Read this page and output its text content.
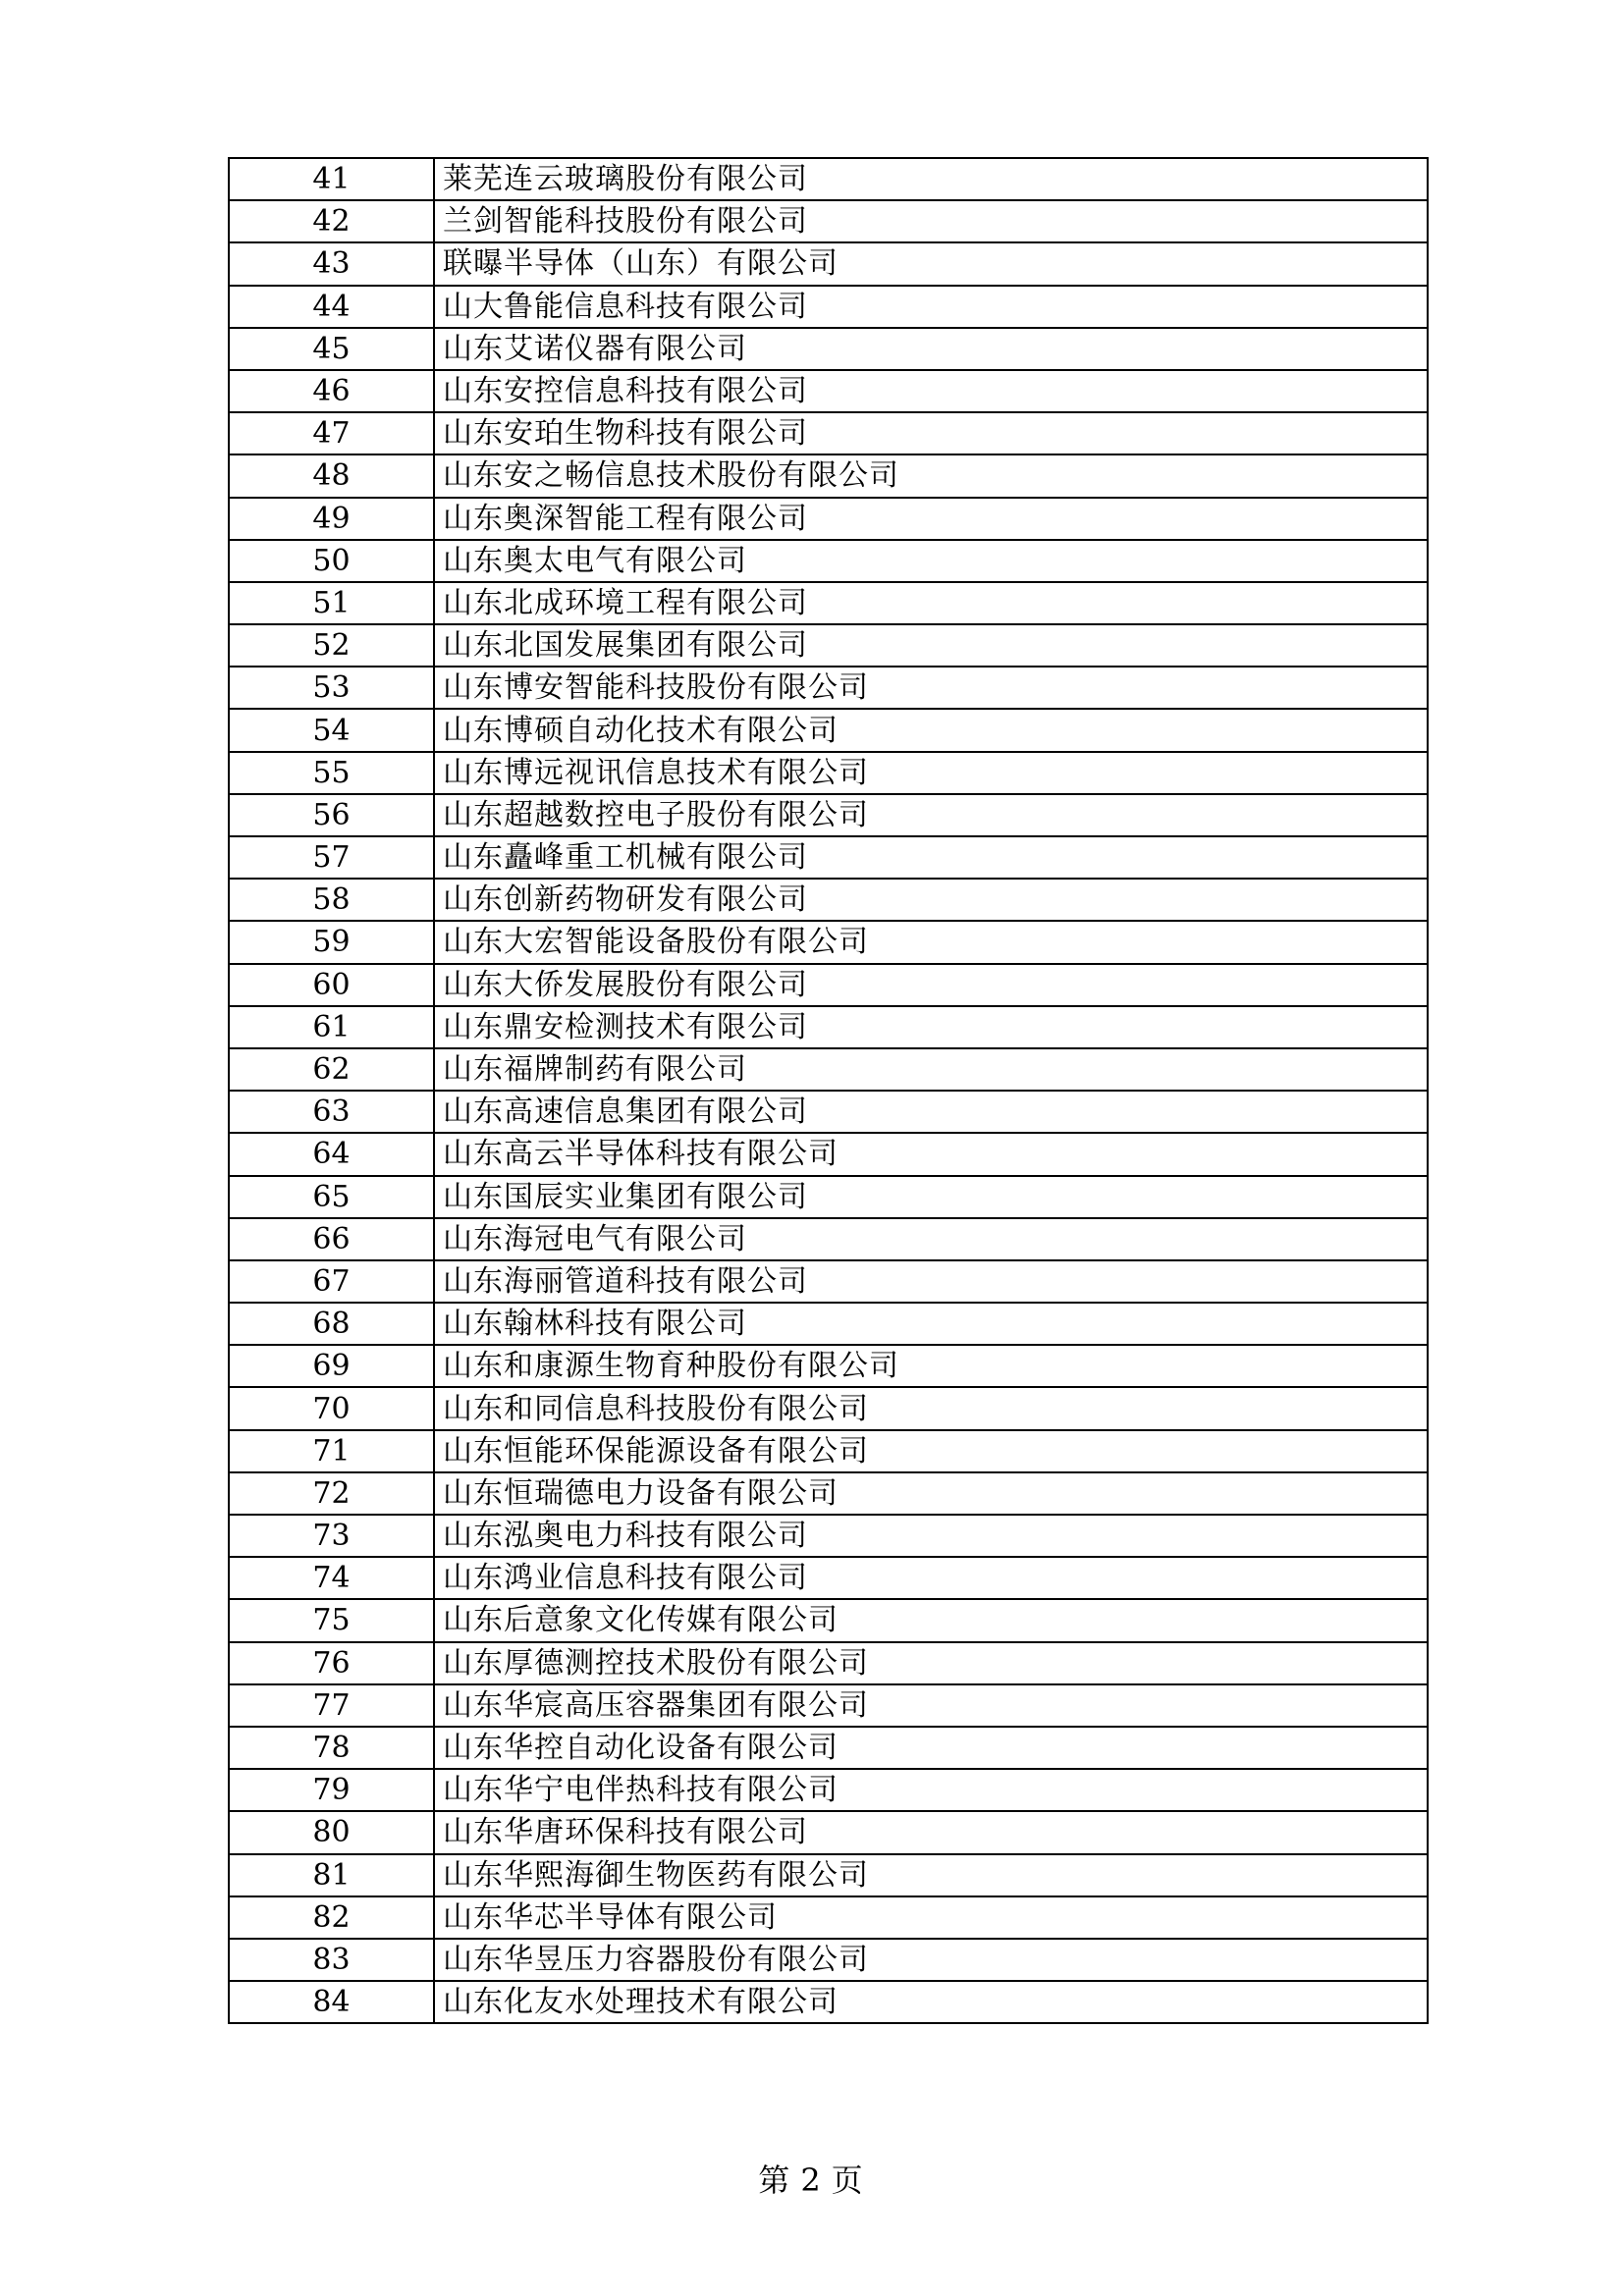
41	莱芜连云玻璃股份有限公司
42	兰剑智能科技股份有限公司
43	联曝半导体（山东）有限公司
44	山大鲁能信息科技有限公司
45	山东艾诺仪器有限公司
46	山东安控信息科技有限公司
47	山东安珀生物科技有限公司
48	山东安之畅信息技术股份有限公司
49	山东奥深智能工程有限公司
50	山东奥太电气有限公司
51	山东北成环境工程有限公司
52	山东北国发展集团有限公司
53	山东博安智能科技股份有限公司
54	山东博硕自动化技术有限公司
55	山东博远视讯信息技术有限公司
56	山东超越数控电子股份有限公司
57	山东矗峰重工机械有限公司
58	山东创新药物研发有限公司
59	山东大宏智能设备股份有限公司
60	山东大侨发展股份有限公司
61	山东鼎安检测技术有限公司
62	山东福牌制药有限公司
63	山东高速信息集团有限公司
64	山东高云半导体科技有限公司
65	山东国辰实业集团有限公司
66	山东海冠电气有限公司
67	山东海丽管道科技有限公司
68	山东翰林科技有限公司
69	山东和康源生物育种股份有限公司
70	山东和同信息科技股份有限公司
71	山东恒能环保能源设备有限公司
72	山东恒瑞德电力设备有限公司
73	山东泓奥电力科技有限公司
74	山东鸿业信息科技有限公司
75	山东后意象文化传媒有限公司
76	山东厚德测控技术股份有限公司
77	山东华宸高压容器集团有限公司
78	山东华控自动化设备有限公司
79	山东华宁电伴热科技有限公司
80	山东华唐环保科技有限公司
81	山东华熙海御生物医药有限公司
82	山东华芯半导体有限公司
83	山东华昱压力容器股份有限公司
84	山东化友水处理技术有限公司
第 2 页
